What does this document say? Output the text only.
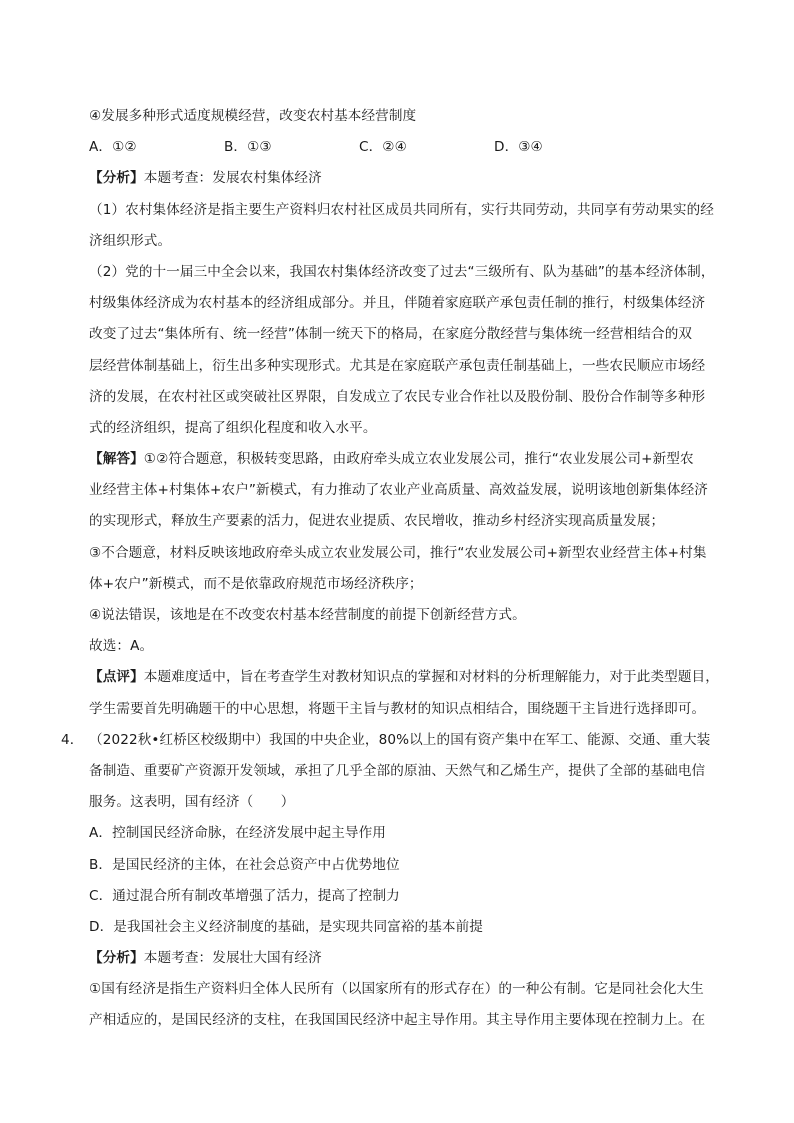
④发展多种形式适度规模经营，改变农村基本经营制度
A．①②	B．①③	C．②④	D．③④
【分析】本题考查：发展农村集体经济
（1）农村集体经济是指主要生产资料归农村社区成员共同所有，实行共同劳动，共同享有劳动果实的经
济组织形式。
（2）党的十一届三中全会以来，我国农村集体经济改变了过去“三级所有、队为基础”的基本经济体制，
村级集体经济成为农村基本的经济组成部分。并且，伴随着家庭联产承包责任制的推行，村级集体经济
改变了过去“集体所有、统一经营”体制一统天下的格局，在家庭分散经营与集体统一经营相结合的双
层经营体制基础上，衍生出多种实现形式。尤其是在家庭联产承包责任制基础上，一些农民顺应市场经
济的发展，在农村社区或突破社区界限，自发成立了农民专业合作社以及股份制、股份合作制等多种形
式的经济组织，提高了组织化程度和收入水平。
【解答】①②符合题意，积极转变思路，由政府牵头成立农业发展公司，推行“农业发展公司+新型农
业经营主体+村集体+农户”新模式，有力推动了农业产业高质量、高效益发展，说明该地创新集体经济
的实现形式，释放生产要素的活力，促进农业提质、农民增收，推动乡村经济实现高质量发展；
③不合题意，材料反映该地政府牵头成立农业发展公司，推行“农业发展公司+新型农业经营主体+村集
体+农户”新模式，而不是依靠政府规范市场经济秩序；
④说法错误，该地是在不改变农村基本经营制度的前提下创新经营方式。
故选：A。
【点评】本题难度适中，旨在考查学生对教材知识点的掌握和对材料的分析理解能力，对于此类型题目，
学生需要首先明确题干的中心思想，将题干主旨与教材的知识点相结合，围绕题干主旨进行选择即可。
4． （2022秋•红桥区校级期中）我国的中央企业，80%以上的国有资产集中在军工、能源、交通、重大装
备制造、重要矿产资源开发领域，承担了几乎全部的原油、天然气和乙烯生产，提供了全部的基础电信
服务。这表明，国有经济（　　）
A．控制国民经济命脉，在经济发展中起主导作用
B．是国民经济的主体，在社会总资产中占优势地位
C．通过混合所有制改革增强了活力，提高了控制力
D．是我国社会主义经济制度的基础，是实现共同富裕的基本前提
【分析】本题考查：发展壮大国有经济
①国有经济是指生产资料归全体人民所有（以国家所有的形式存在）的一种公有制。它是同社会化大生
产相适应的，是国民经济的支柱，在我国国民经济中起主导作用。其主导作用主要体现在控制力上。在
